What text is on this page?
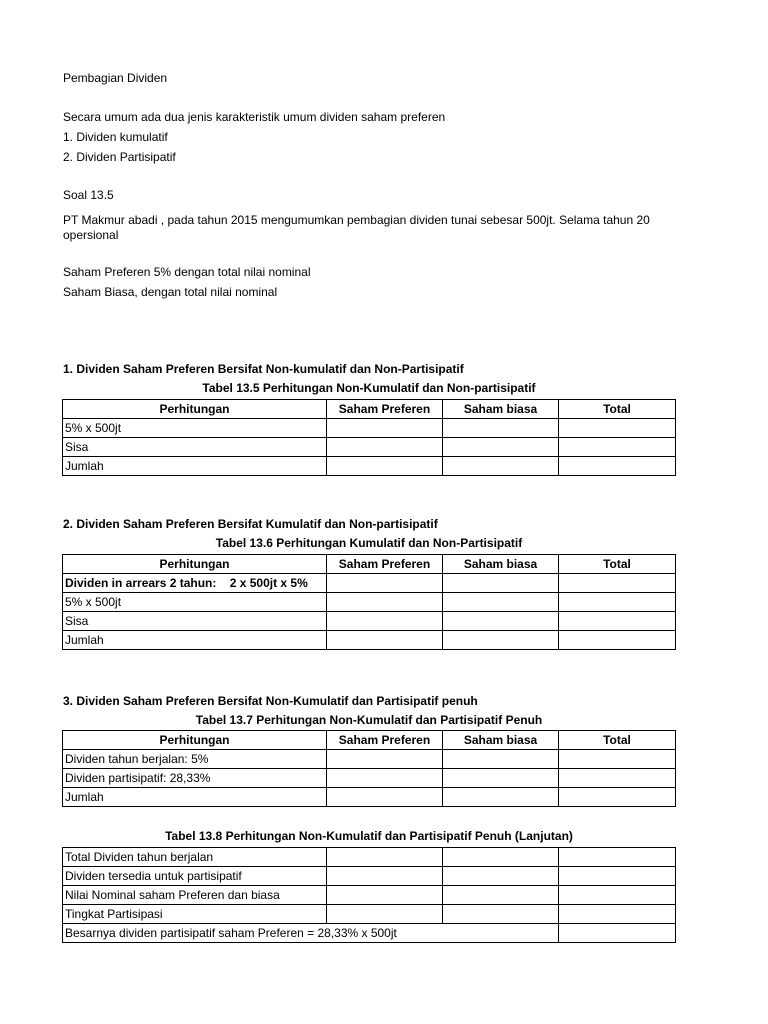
Pembagian Dividen
Secara umum ada dua jenis karakteristik umum dividen saham preferen
1. Dividen kumulatif
2. Dividen Partisipatif
Soal 13.5
PT Makmur abadi , pada tahun 2015 mengumumkan pembagian dividen tunai sebesar 500jt. Selama tahun 20
opersional
Saham Preferen 5% dengan total nilai nominal
Saham Biasa, dengan total nilai nominal
1. Dividen Saham Preferen Bersifat Non-kumulatif dan Non-Partisipatif
Tabel 13.5 Perhitungan Non-Kumulatif dan Non-partisipatif
Perhitungan	Saham Preferen	Saham biasa	Total
5% x 500jt			
Sisa			
Jumlah			
2. Dividen Saham Preferen Bersifat Kumulatif dan Non-partisipatif
Tabel 13.6 Perhitungan Kumulatif dan Non-Partisipatif
Perhitungan	Saham Preferen	Saham biasa	Total
Dividen in arrears 2 tahun:    2 x 500jt x 5%			
5% x 500jt			
Sisa			
Jumlah			
3. Dividen Saham Preferen Bersifat Non-Kumulatif dan Partisipatif penuh
Tabel 13.7 Perhitungan Non-Kumulatif dan Partisipatif Penuh
Perhitungan	Saham Preferen	Saham biasa	Total
Dividen tahun berjalan: 5%			
Dividen partisipatif: 28,33%			
Jumlah			
Tabel 13.8 Perhitungan Non-Kumulatif dan Partisipatif Penuh (Lanjutan)
Total Dividen tahun berjalan			
Dividen tersedia untuk partisipatif			
Nilai Nominal saham Preferen dan biasa			
Tingkat Partisipasi			
Besarnya dividen partisipatif saham Preferen = 28,33% x 500jt			
